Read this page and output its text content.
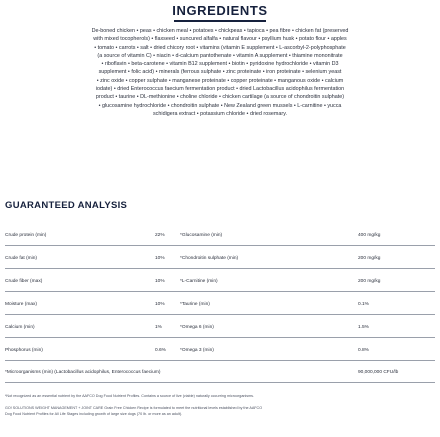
INGREDIENTS
De-boned chicken • peas • chicken meal • potatoes • chickpeas • tapioca • pea fibre • chicken fat (preserved
with mixed tocopherols) • flaxseed • suncured alfalfa • natural flavour • psyllium husk • potato flour • apples
• tomato • carrots • salt • dried chicory root • vitamins (vitamin E supplement • L-ascorbyl-2-polyphosphate
(a source of vitamin C) • niacin • d-calcium pantothenate • vitamin A supplement • thiamine mononitrate
• riboflavin • beta-carotene • vitamin B12 supplement • biotin • pyridoxine hydrochloride • vitamin D3
supplement • folic acid) • minerals (ferrous sulphate • zinc proteinate • iron proteinate • selenium yeast
• zinc oxide • copper sulphate • manganese proteinate • copper proteinate • manganous oxide • calcium
iodate) • dried Enterococcus faecium fermentation product • dried Lactobacillus acidophilus fermentation
product • taurine • DL-methionine • choline chloride • chicken cartilage (a source of chondroitin sulphate)
• glucosamine hydrochloride • chondroitin sulphate • New Zealand green mussels • L-carnitine • yucca
schidigera extract • potassium chloride • dried rosemary.
GUARANTEED ANALYSIS
Crude protein (min)	22%	*Glucosamine (min)	400 mg/kg
Crude fat (min)	10%	*Chondroitin sulphate (min)	200 mg/kg
Crude fiber (max)	10%	*L-Carnitine (min)	200 mg/kg
Moisture (max)	10%	*Taurine (min)	0.1%
Calcium (min)	1%	*Omega 6 (min)	1.5%
Phosphorus (min)	0.6%	*Omega 3 (min)	0.8%
*Microorganisms (min) (Lactobacillus acidophilus, Enterococcus faecium)	90,000,000 CFU/lb
*Not recognized as an essential nutrient by the AAFCO Dog Food Nutrient Profiles. Contains a source of live (viable) naturally occurring microorganisms.
GO! SOLUTIONS WEIGHT MANAGEMENT + JOINT CARE Grain Free Chicken Recipe is formulated to meet the nutritional levels established by the AAFCO
Dog Food Nutrient Profiles for All Life Stages including growth of large size dogs (70 lb. or more as an adult).
